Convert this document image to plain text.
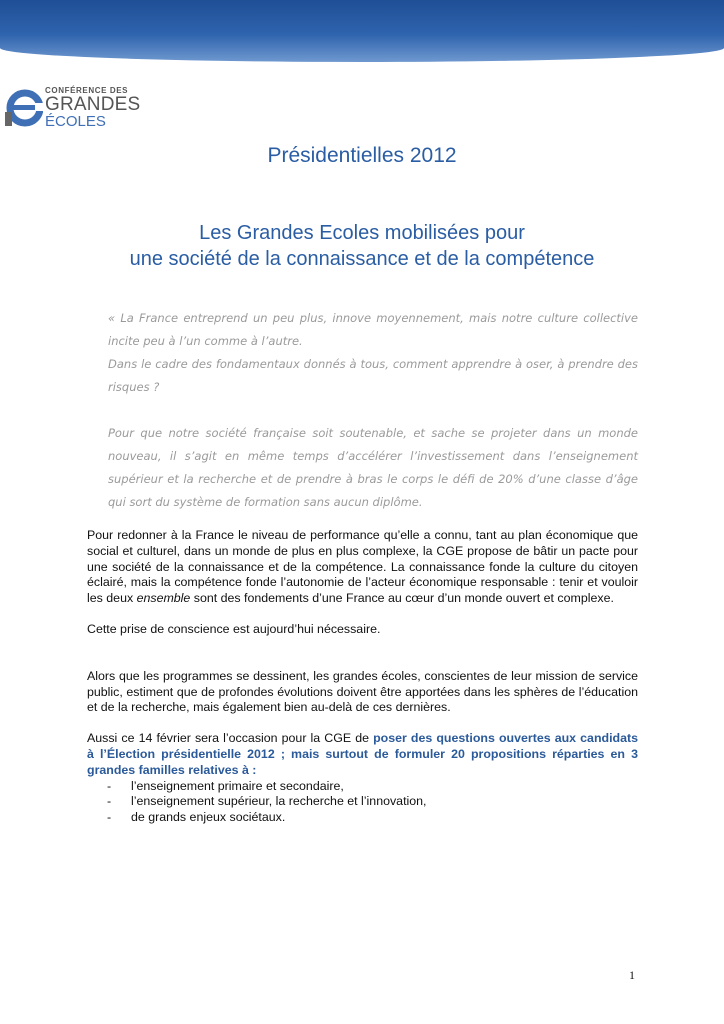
CONFÉRENCE DES
GRANDES
ÉCOLES
Présidentielles 2012
Les Grandes Ecoles mobilisées pour
une société de la connaissance et de la compétence

« La France entreprend un peu plus, innove moyennement, mais notre culture collective incite peu à l’un comme à l’autre.

Dans le cadre des fondamentaux donnés à tous, comment apprendre à oser, à prendre des risques ?

Pour que notre société française soit soutenable, et sache se projeter dans un monde nouveau, il s’agit en même temps d’accélérer l’investissement dans l’enseignement supérieur et la recherche et de prendre à bras le corps le défi de 20% d’une classe d’âge qui sort du système de formation sans aucun diplôme.

Pour redonner à la France le niveau de performance qu’elle a connu, tant au plan économique que social et culturel, dans un monde de plus en plus complexe, la CGE propose de bâtir un pacte pour une société de la connaissance et de la compétence. La connaissance fonde la culture du citoyen éclairé, mais la compétence fonde l’autonomie de l’acteur économique responsable : tenir et vouloir les deux ensemble sont des fondements d’une France au cœur d’un monde ouvert et complexe.

Cette prise de conscience est aujourd’hui nécessaire.

Alors que les programmes se dessinent, les grandes écoles, conscientes de leur mission de service public, estiment que de profondes évolutions doivent être apportées dans les sphères de l’éducation et de la recherche, mais également bien au-delà de ces dernières.

Aussi ce 14 février sera l’occasion pour la CGE de poser des questions ouvertes aux candidats à l’Élection présidentielle 2012 ; mais surtout de formuler 20 propositions réparties en 3 grandes familles relatives à :

- l’enseignement primaire et secondaire,
- l’enseignement supérieur, la recherche et l’innovation,
- de grands enjeux sociétaux.
1
